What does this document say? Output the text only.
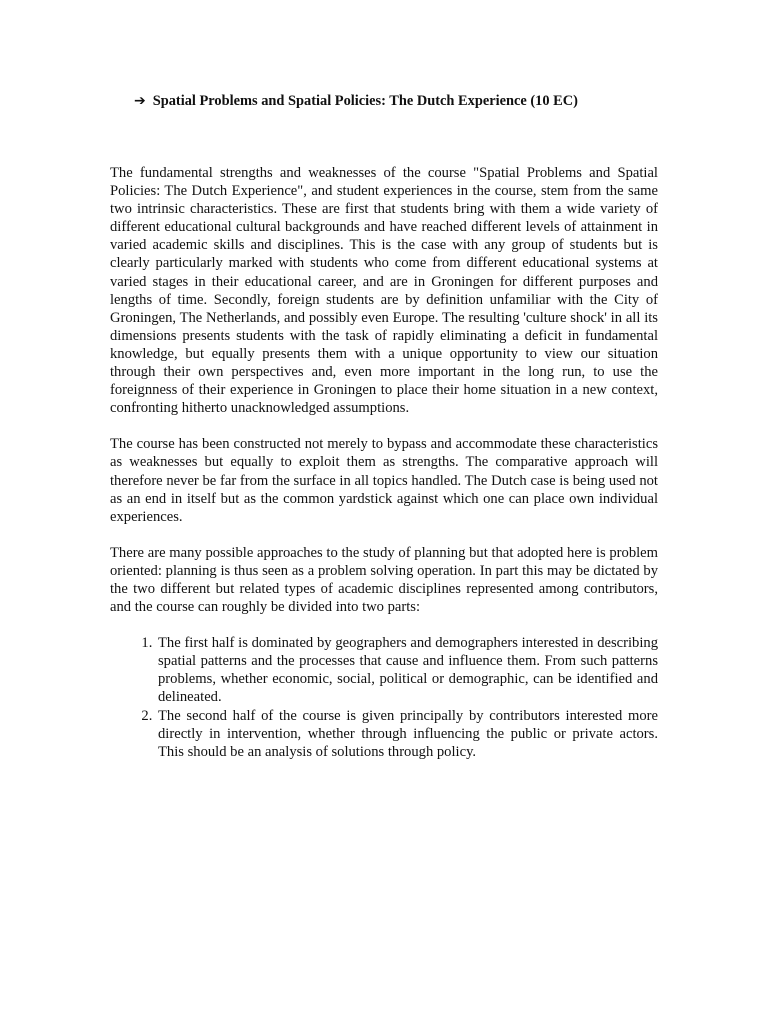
➔ Spatial Problems and Spatial Policies: The Dutch Experience (10 EC)

The fundamental strengths and weaknesses of the course "Spatial Problems and Spatial Policies: The Dutch Experience", and student experiences in the course, stem from the same two intrinsic characteristics. These are first that students bring with them a wide variety of different educational cultural backgrounds and have reached different levels of attainment in varied academic skills and disciplines. This is the case with any group of students but is clearly particularly marked with students who come from different educational systems at varied stages in their educational career, and are in Groningen for different purposes and lengths of time. Secondly, foreign students are by definition unfamiliar with the City of Groningen, The Netherlands, and possibly even Europe. The resulting 'culture shock' in all its dimensions presents students with the task of rapidly eliminating a deficit in fundamental knowledge, but equally presents them with a unique opportunity to view our situation through their own perspectives and, even more important in the long run, to use the foreignness of their experience in Groningen to place their home situation in a new context, confronting hitherto unacknowledged assumptions.

The course has been constructed not merely to bypass and accommodate these characteristics as weaknesses but equally to exploit them as strengths. The comparative approach will therefore never be far from the surface in all topics handled. The Dutch case is being used not as an end in itself but as the common yardstick against which one can place own individual experiences.

There are many possible approaches to the study of planning but that adopted here is problem oriented: planning is thus seen as a problem solving operation. In part this may be dictated by the two different but related types of academic disciplines represented among contributors, and the course can roughly be divided into two parts:

1. The first half is dominated by geographers and demographers interested in describing spatial patterns and the processes that cause and influence them. From such patterns problems, whether economic, social, political or demographic, can be identified and delineated.
2. The second half of the course is given principally by contributors interested more directly in intervention, whether through influencing the public or private actors. This should be an analysis of solutions through policy.
